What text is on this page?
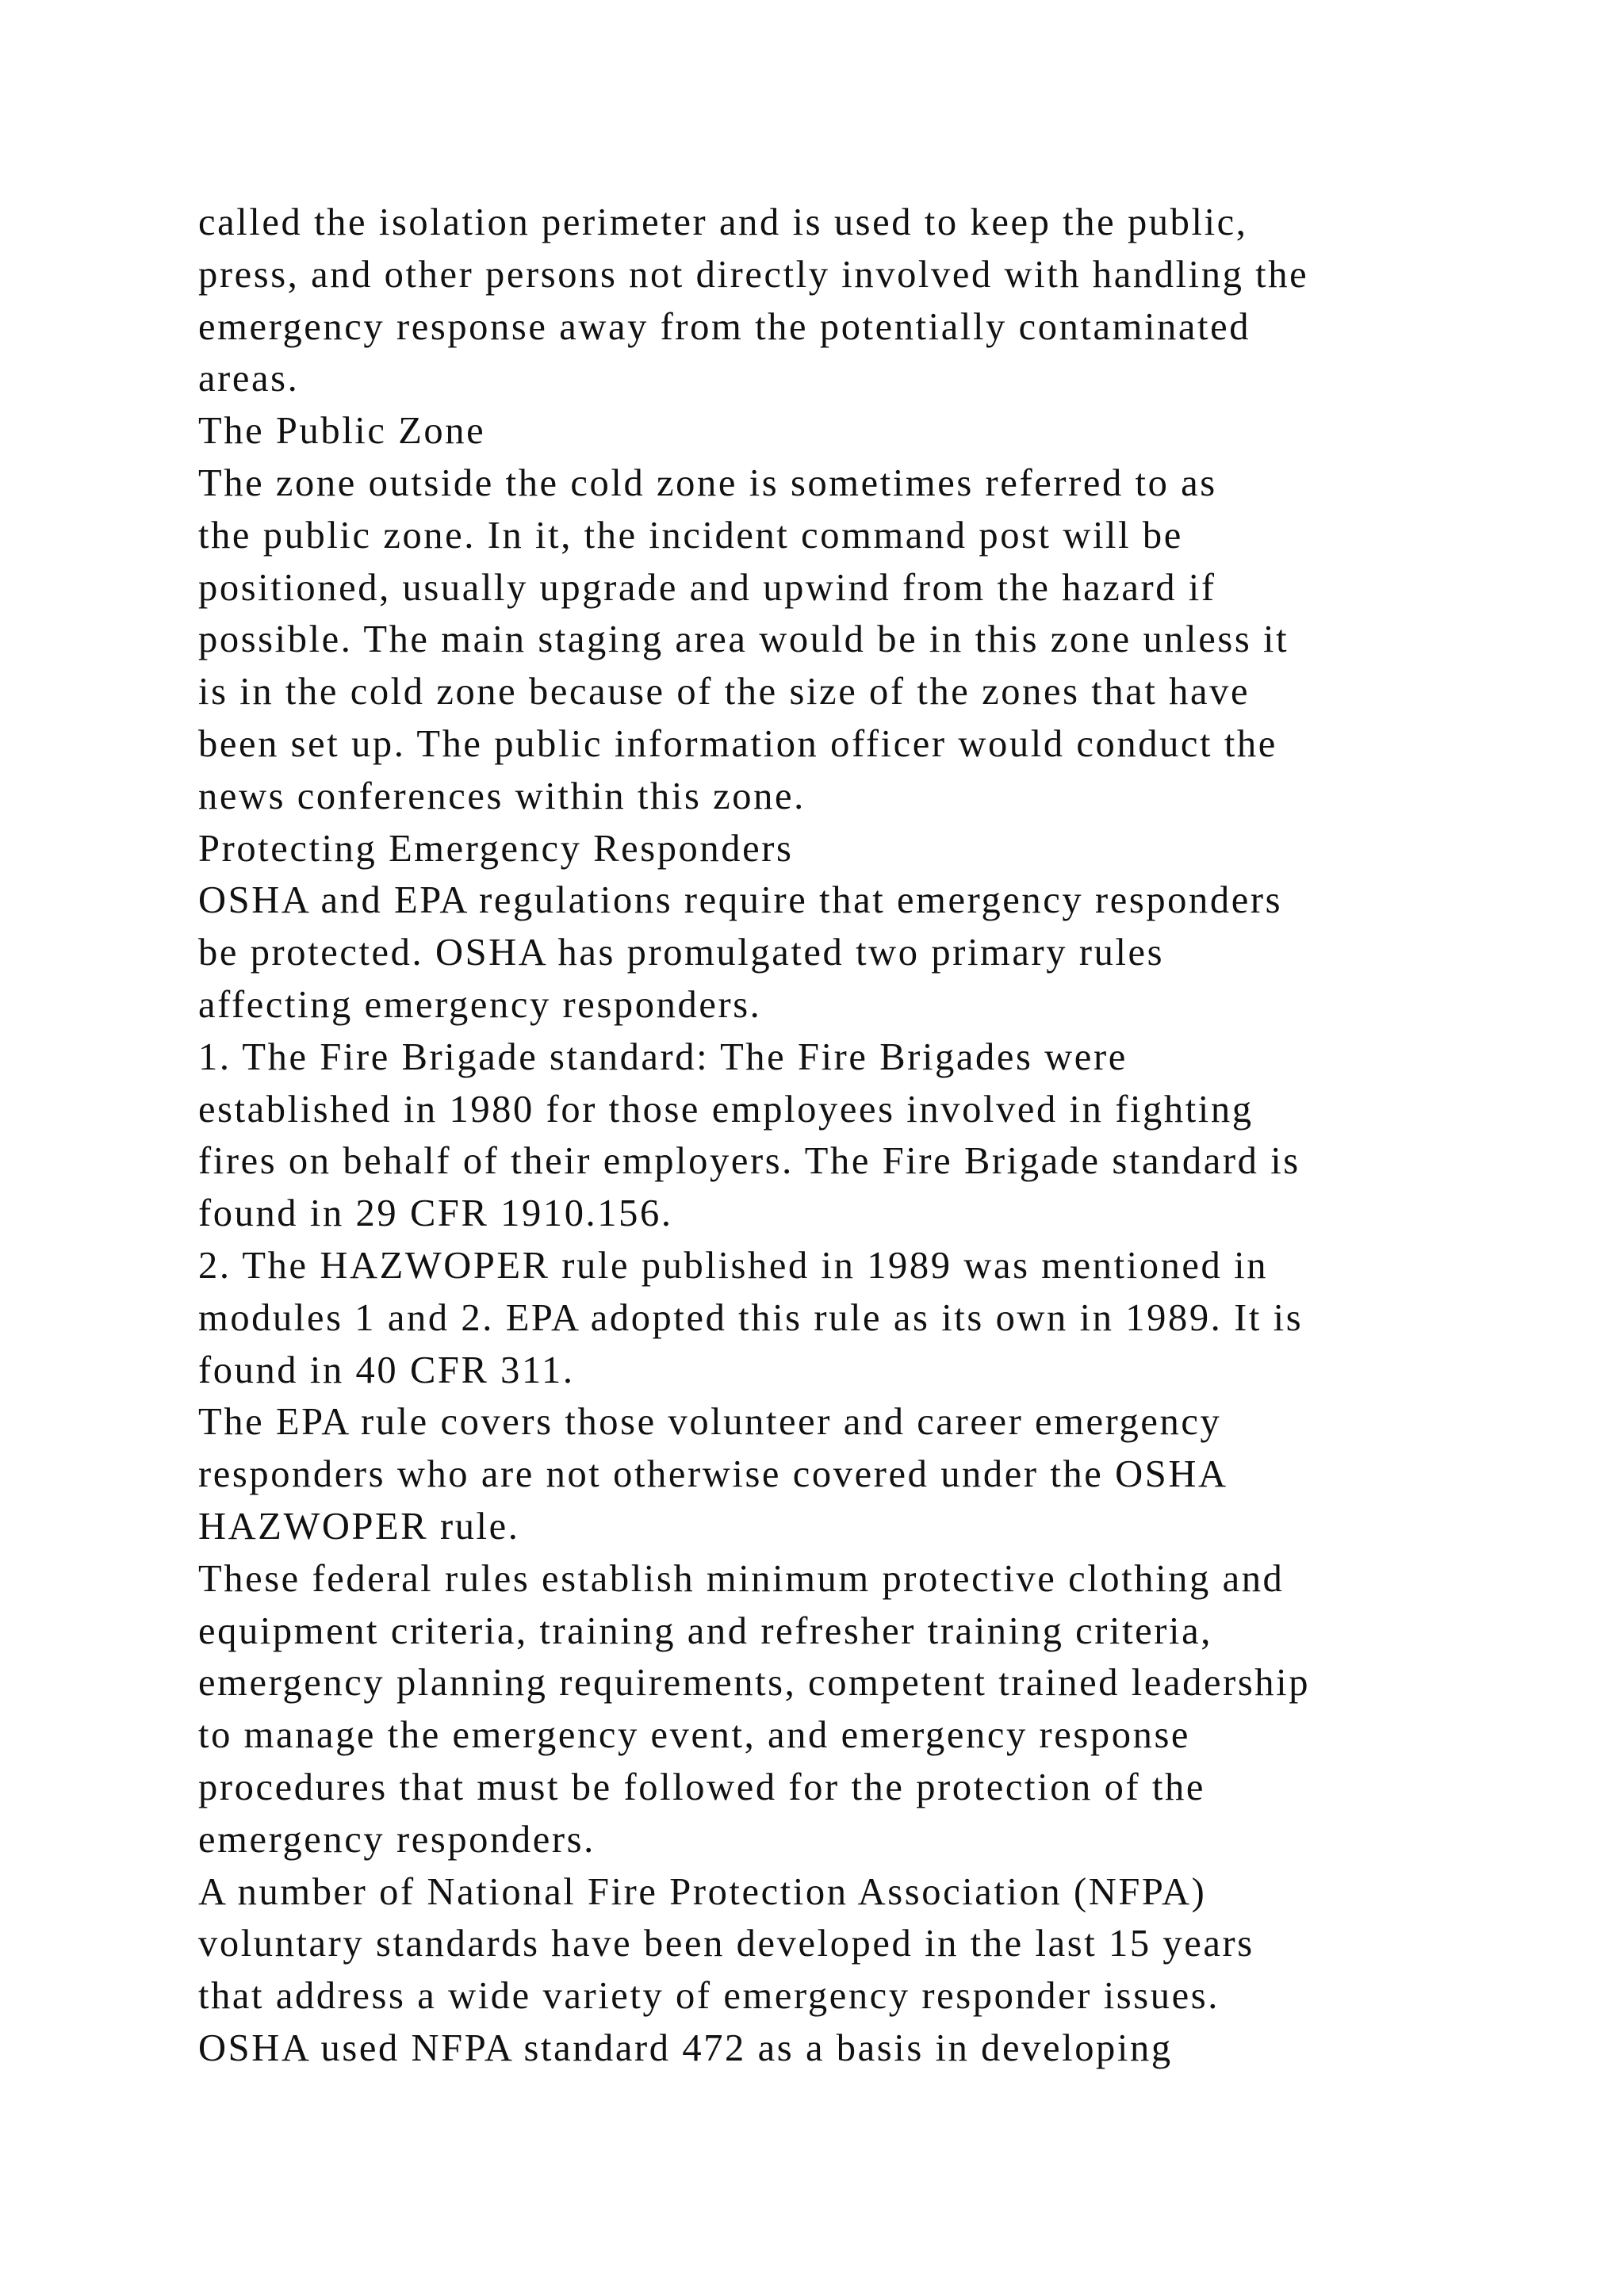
called the isolation perimeter and is used to keep the public,
press, and other persons not directly involved with handling the
emergency response away from the potentially contaminated
areas.
The Public Zone
The zone outside the cold zone is sometimes referred to as
the public zone. In it, the incident command post will be
positioned, usually upgrade and upwind from the hazard if
possible. The main staging area would be in this zone unless it
is in the cold zone because of the size of the zones that have
been set up. The public information officer would conduct the
news conferences within this zone.
Protecting Emergency Responders
OSHA and EPA regulations require that emergency responders
be protected. OSHA has promulgated two primary rules
affecting emergency responders.
1. The Fire Brigade standard: The Fire Brigades were
established in 1980 for those employees involved in fighting
fires on behalf of their employers. The Fire Brigade standard is
found in 29 CFR 1910.156.
2. The HAZWOPER rule published in 1989 was mentioned in
modules 1 and 2. EPA adopted this rule as its own in 1989. It is
found in 40 CFR 311.
The EPA rule covers those volunteer and career emergency
responders who are not otherwise covered under the OSHA
HAZWOPER rule.
These federal rules establish minimum protective clothing and
equipment criteria, training and refresher training criteria,
emergency planning requirements, competent trained leadership
to manage the emergency event, and emergency response
procedures that must be followed for the protection of the
emergency responders.
A number of National Fire Protection Association (NFPA)
voluntary standards have been developed in the last 15 years
that address a wide variety of emergency responder issues.
OSHA used NFPA standard 472 as a basis in developing
